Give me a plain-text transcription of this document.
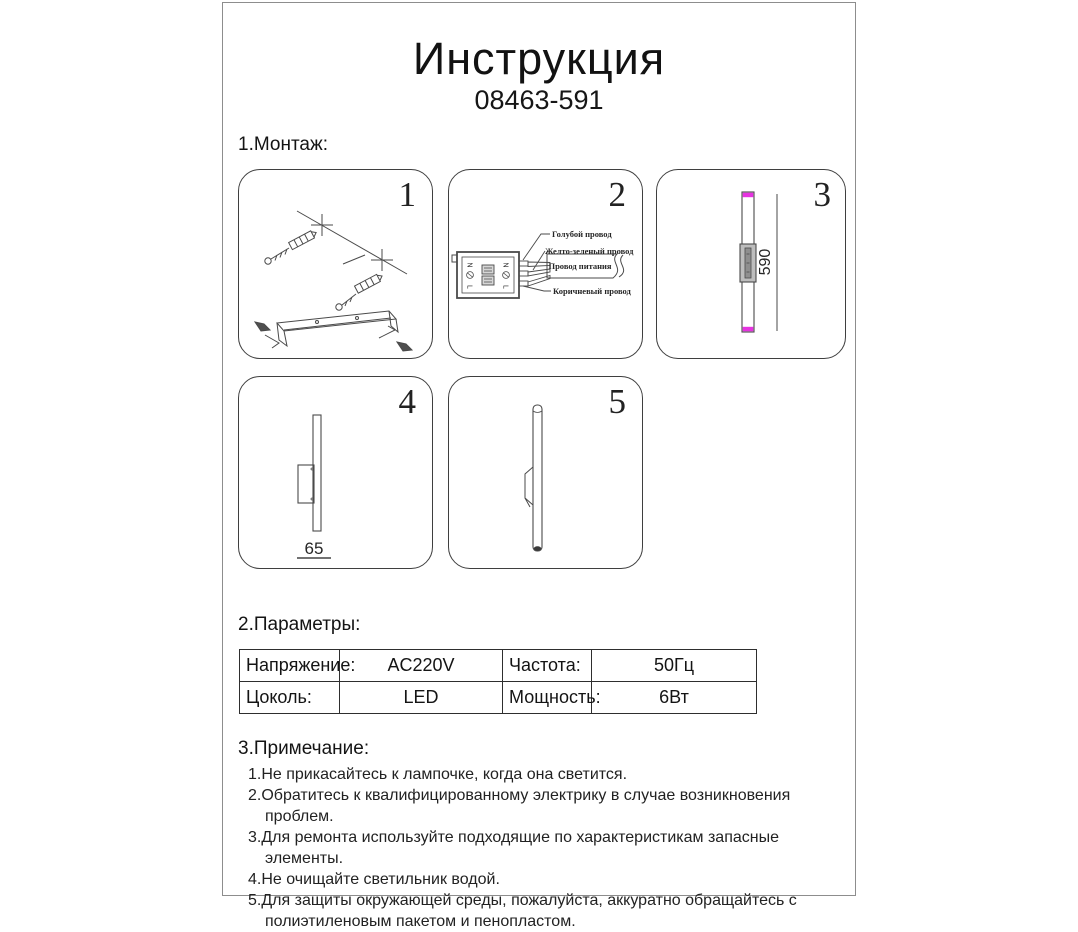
Инструкция
08463-591
1.Монтаж:
1
N
L
N
L
Голубой провод
Желто-зеленый провод
Провод питания
Коричневый провод
2
590
3
65
4	5
2.Параметры:
Напряжение:	AC220V	Частота:	50Гц
Цоколь:	LED	Мощность:	6Вт
3.Примечание:
1.Не прикасайтесь к лампочке, когда она светится.
2.Обратитесь к квалифицированному электрику в случае возникновения проблем.
3.Для ремонта используйте подходящие по характеристикам запасные элементы.
4.Не очищайте светильник водой.
5.Для защиты окружающей среды, пожалуйста, аккуратно обращайтесь с полиэтиленовым пакетом и пенопластом.
